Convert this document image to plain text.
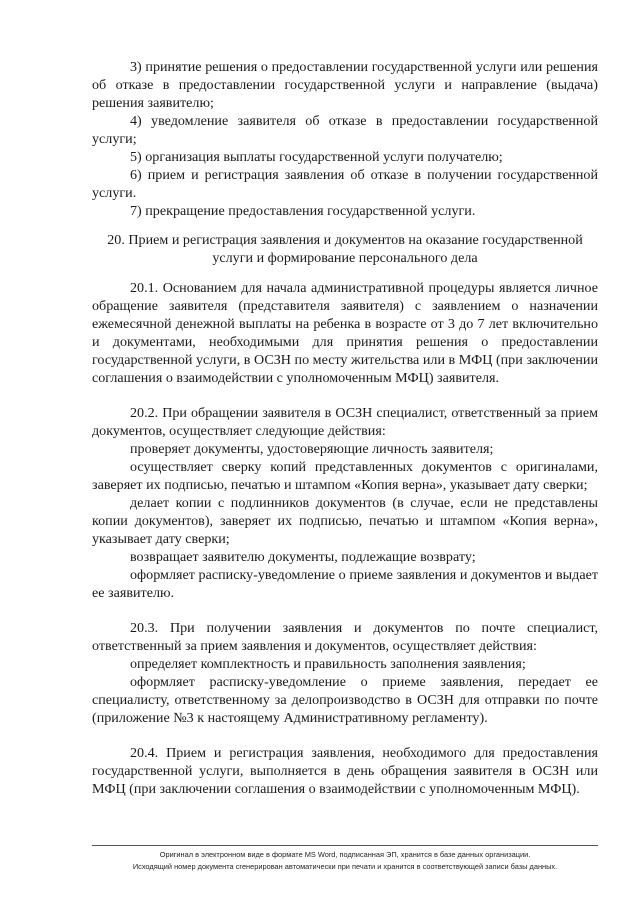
3) принятие решения о предоставлении государственной услуги или решения об отказе в предоставлении государственной услуги и направление (выдача) решения заявителю;

4) уведомление заявителя об отказе в предоставлении государственной услуги;

5) организация выплаты государственной услуги получателю;

6) прием и регистрация заявления об отказе в получении государственной услуги.

7) прекращение предоставления государственной услуги.

20. Прием и регистрация заявления и документов на оказание государственной услуги и формирование персонального дела

20.1. Основанием для начала административной процедуры является личное обращение заявителя (представителя заявителя) с заявлением о назначении ежемесячной денежной выплаты на ребенка в возрасте от 3 до 7 лет включительно и документами, необходимыми для принятия решения о предоставлении государственной услуги, в ОСЗН по месту жительства или в МФЦ (при заключении соглашения о взаимодействии с уполномоченным МФЦ) заявителя.

20.2. При обращении заявителя в ОСЗН специалист, ответственный за прием документов, осуществляет следующие действия:

проверяет документы, удостоверяющие личность заявителя;

осуществляет сверку копий представленных документов с оригиналами, заверяет их подписью, печатью и штампом «Копия верна», указывает дату сверки;

делает копии с подлинников документов (в случае, если не представлены копии документов), заверяет их подписью, печатью и штампом «Копия верна», указывает дату сверки;

возвращает заявителю документы, подлежащие возврату;

оформляет расписку-уведомление о приеме заявления и документов и выдает ее заявителю.

20.3. При получении заявления и документов по почте специалист, ответственный за прием заявления и документов, осуществляет действия:

определяет комплектность и правильность заполнения заявления;

оформляет расписку-уведомление о приеме заявления, передает ее специалисту, ответственному за делопроизводство в ОСЗН для отправки по почте (приложение №3 к настоящему Административному регламенту).

20.4. Прием и регистрация заявления, необходимого для предоставления государственной услуги, выполняется в день обращения заявителя в ОСЗН или МФЦ (при заключении соглашения о взаимодействии с уполномоченным МФЦ).

Оригинал в электронном виде в формате MS Word, подписанная ЭП, хранится в базе данных организации.
Исходящий номер документа сгенерирован автоматически при печати и хранится в соответствующей записи базы данных.
